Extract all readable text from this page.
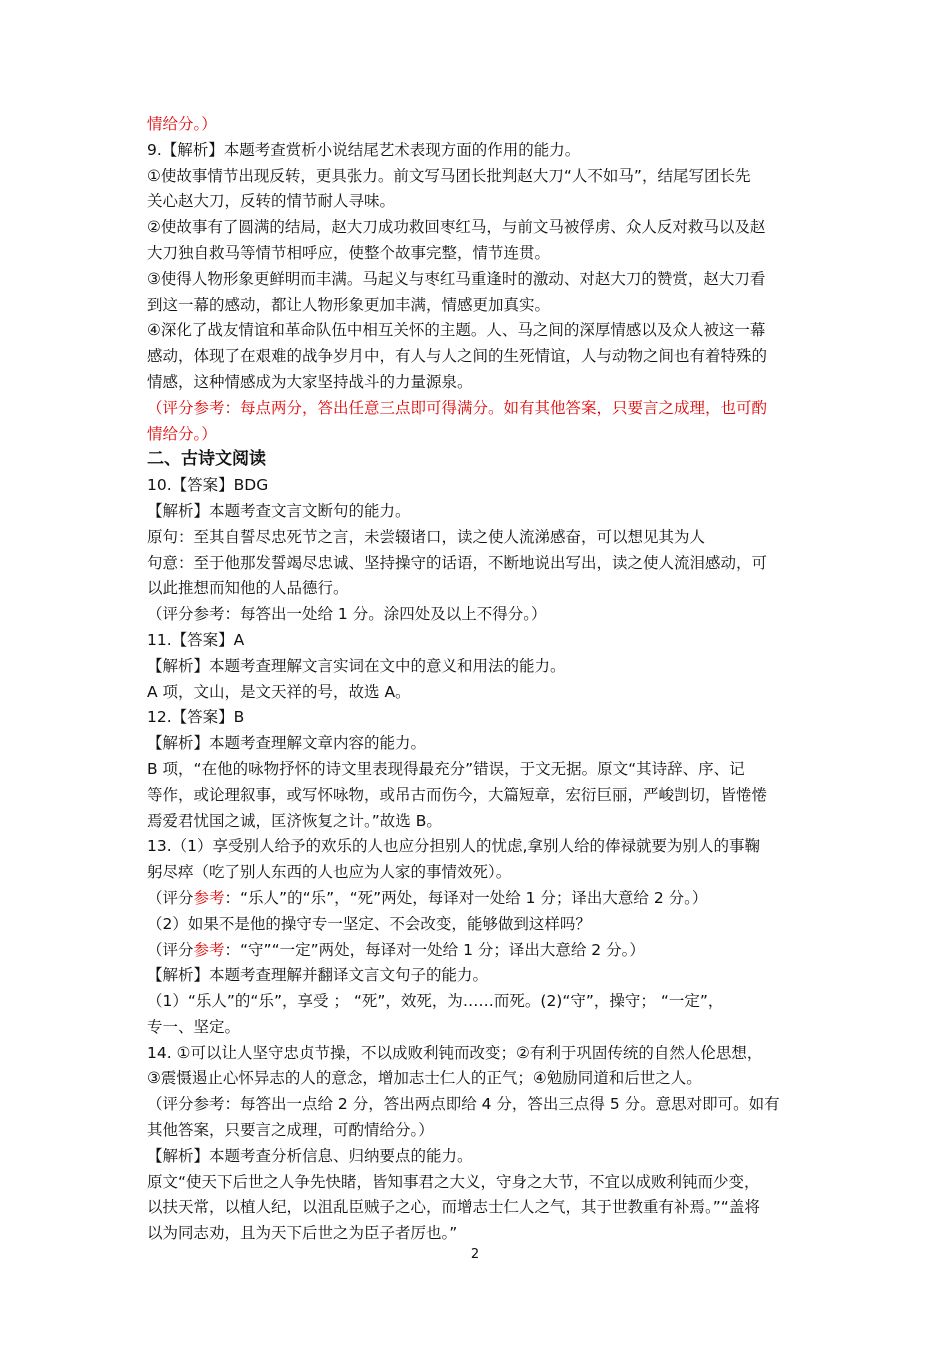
情给分。）
9.【解析】本题考查赏析小说结尾艺术表现方面的作用的能力。
①使故事情节出现反转，更具张力。前文写马团长批判赵大刀“人不如马”，结尾写团长先
关心赵大刀，反转的情节耐人寻味。
②使故事有了圆满的结局，赵大刀成功救回枣红马，与前文马被俘虏、众人反对救马以及赵
大刀独自救马等情节相呼应，使整个故事完整，情节连贯。
③使得人物形象更鲜明而丰满。马起义与枣红马重逢时的激动、对赵大刀的赞赏，赵大刀看
到这一幕的感动，都让人物形象更加丰满，情感更加真实。
④深化了战友情谊和革命队伍中相互关怀的主题。人、马之间的深厚情感以及众人被这一幕
感动，体现了在艰难的战争岁月中，有人与人之间的生死情谊，人与动物之间也有着特殊的
情感，这种情感成为大家坚持战斗的力量源泉。
（评分参考：每点两分，答出任意三点即可得满分。如有其他答案，只要言之成理，也可酌
情给分。）
二、古诗文阅读
10.【答案】BDG
【解析】本题考查文言文断句的能力。
原句：至其自誓尽忠死节之言，未尝辍诸口，读之使人流涕感奋，可以想见其为人
句意：至于他那发誓竭尽忠诚、坚持操守的话语，不断地说出写出，读之使人流泪感动，可
以此推想而知他的人品德行。
（评分参考：每答出一处给 1 分。涂四处及以上不得分。）
11.【答案】A
【解析】本题考查理解文言实词在文中的意义和用法的能力。
A 项，文山，是文天祥的号，故选 A。
12.【答案】B
【解析】本题考查理解文章内容的能力。
B 项，“在他的咏物抒怀的诗文里表现得最充分”错误，于文无据。原文“其诗辞、序、记
等作，或论理叙事，或写怀咏物，或吊古而伤今，大篇短章，宏衍巨丽，严峻剀切，皆惓惓
焉爱君忧国之诚，匡济恢复之计。”故选 B。
13.（1）享受别人给予的欢乐的人也应分担别人的忧虑,拿别人给的俸禄就要为别人的事鞠
躬尽瘁（吃了别人东西的人也应为人家的事情效死）。
（评分参考：“乐人”的“乐”，“死”两处，每译对一处给 1 分；译出大意给 2 分。）
（2）如果不是他的操守专一坚定、不会改变，能够做到这样吗？
（评分参考：“守”“一定”两处，每译对一处给 1 分；译出大意给 2 分。）
【解析】本题考查理解并翻译文言文句子的能力。
（1）“乐人”的“乐”，享受 ； “死”，效死，为……而死。(2)“守”，操守； “一定”，
专一、坚定。
14. ①可以让人坚守忠贞节操，不以成败利钝而改变；②有利于巩固传统的自然人伦思想，
③震慑遏止心怀异志的人的意念，增加志士仁人的正气；④勉励同道和后世之人。
（评分参考：每答出一点给 2 分，答出两点即给 4 分，答出三点得 5 分。意思对即可。如有
其他答案，只要言之成理，可酌情给分。）
【解析】本题考查分析信息、归纳要点的能力。
原文“使天下后世之人争先快睹，皆知事君之大义，守身之大节，不宜以成败利钝而少变，
以扶天常，以植人纪，以沮乱臣贼子之心，而增志士仁人之气，其于世教重有补焉。”“盖将
以为同志劝，且为天下后世之为臣子者厉也。”
2
